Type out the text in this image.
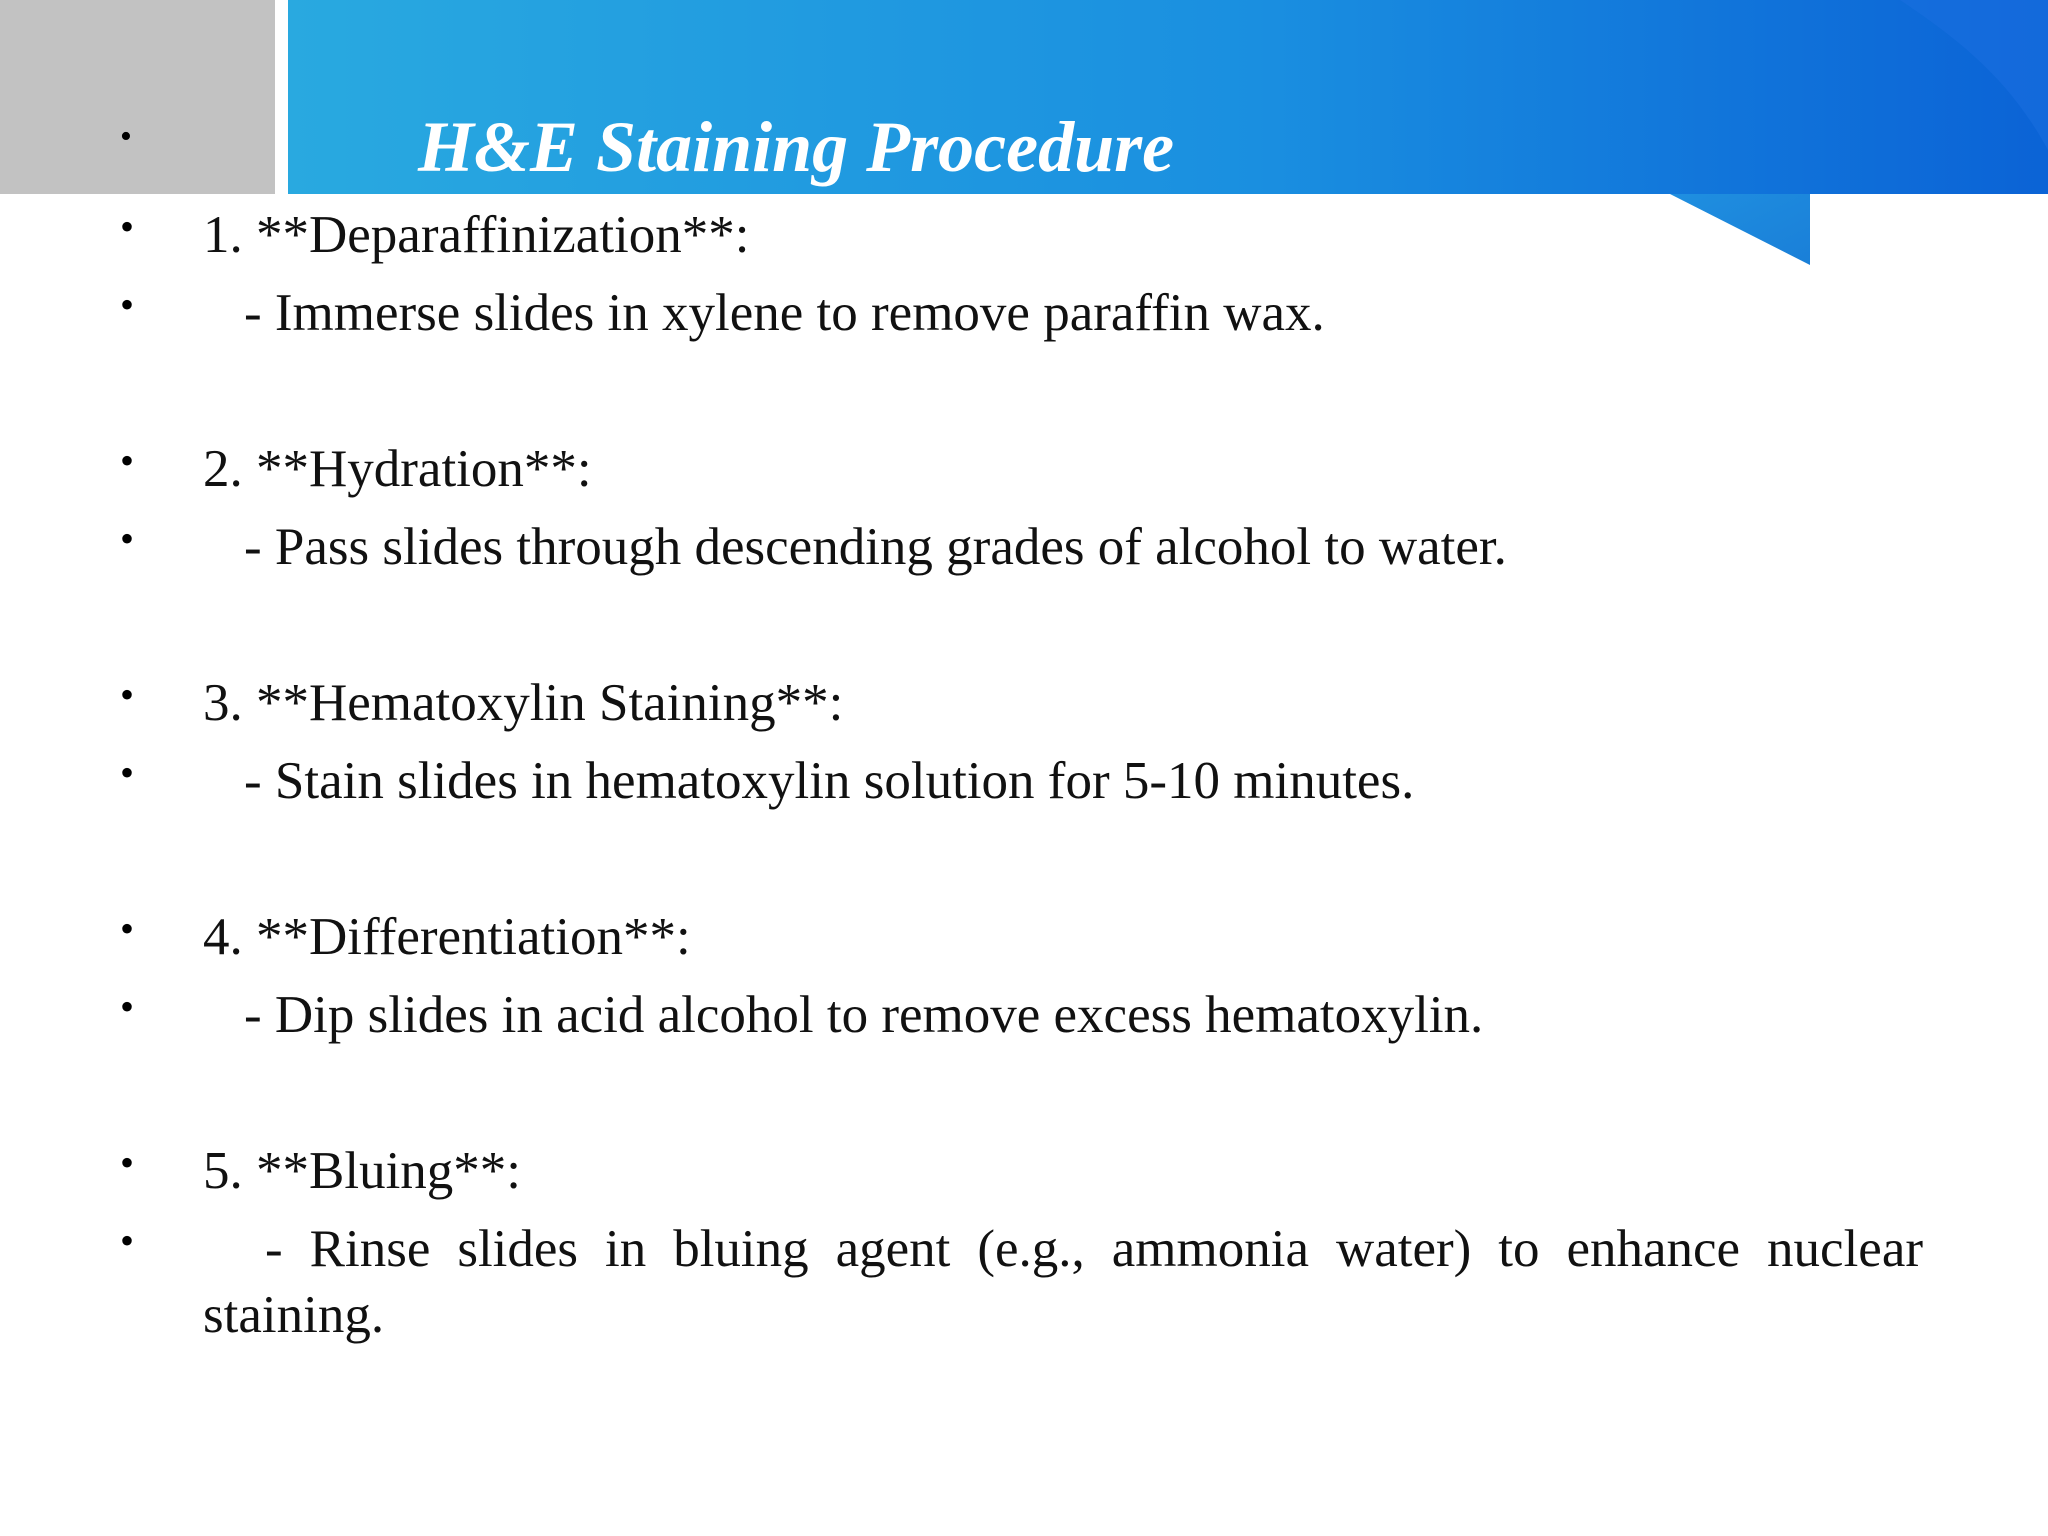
•	H&E Staining Procedure
• 1. **Deparaffinization**:
• - Immerse slides in xylene to remove paraffin wax.
• 2. **Hydration**:
• - Pass slides through descending grades of alcohol to water.
• 3. **Hematoxylin Staining**:
• - Stain slides in hematoxylin solution for 5-10 minutes.
• 4. **Differentiation**:
• - Dip slides in acid alcohol to remove excess hematoxylin.
• 5. **Bluing**:
•	- Rinse slides in bluing agent (e.g., ammonia water) to enhance nuclear staining.
